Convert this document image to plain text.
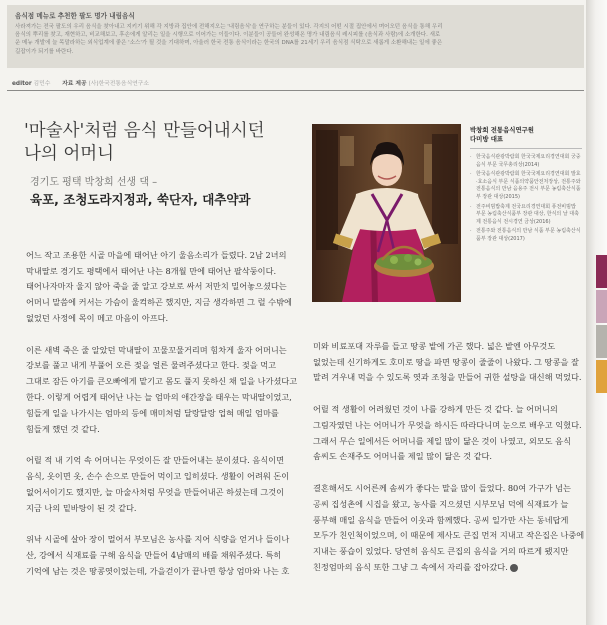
음식점 메뉴로 추천한 팔도 명가 내림음식
사라져가는 전국 팔도의 우리 음식을 찾아내고 지키기 위해 각 지방과 집안에 전해지오는 '내림음식'을 연구하는 분들이 있다. 각지의 어떤 시절 집안에서 며어오던 음식을 통해 우리
음식의 뿌리를 찾고, 재현하고, 비교해보고, 후손에게 알리는 일을 시행으로 이어가는 이들이다. 이분들이 공들어 완성해온 명가 내림음식 레시피를 (음식과 사람)에 소개한다. 새로
운 메뉴 개발에 늘 목말라하는 외식업계에 좋은 '소스'가 될 것을 기대하며, 아울러 한국 전통 음식이라는 한국의 DNA를 21세기 우리 음식점 식탁으로 새롭게 소환해내는 일에 좋은
길잡이가 되기를 바란다.
editor 김민수 자료 제공 (사)한국전통음식연구소
'마술사'처럼 음식 만들어내시던
나의 어머니
경기도 평택 박창희 선생 댁 –
육포, 조청도라지정과, 쑥단자, 대추약과
박창희 전통음식연구원
다미방 대표
· 한국음식관광박람회 한국국제요리경연대회 궁중음식 부문 국무총리상(2014)
· 한국음식관광박람회 한국국제요리경연대회 발효·효소음식 부문 식품의약품안전처장상, 전통주와 전통음식의 만남 음용주 전시 부문 농림축산식품부 장관 대상(2015)
· 전주비빔밥축제 전국요리경연대회 퓨전비빔밥 부문 농림축산식품부 장관 대상, 한식의 날 대축제 전통음식 전시경연 금상(2016)
· 전통주와 전통음식의 만남 식품 부문 농림축산식품부 장관 대상(2017)

어느 작고 조용한 시골 마을에 태어난 아기 울음소리가 들렸다. 2남 2녀의 막내딸로 경기도 평택에서 태어난 나는 8개월 만에 태어난 팔삭둥이다. 태어나자마자 울지 않아 죽을 줄 알고 강보로 싸서 저만치 밀어놓으셨다는 어머니 말씀에 커서는 가슴이 울컥하곤 했지만, 지금 생각하면 그 럴 수밖에 없었던 사정에 목이 메고 마음이 아프다.

이른 새벽 죽은 줄 알았던 막내딸이 꼬물꼬물거리며 힘차게 울자 어머니는 강보를 풀고 내게 부풀어 오른 젖을 얼른 물려주셨다고 한다. 젖을 먹고 그대로 잠든 아기를 큰오빠에게 맡기고 몸도 풀지 못하신 채 일을 나가셨다고 한다. 이렇게 어렵게 태어난 나는 늘 엄마의 애간장을 태우는 막내딸이었고, 힘들게 일을 나가시는 엄마의 등에 매미처럼 달랑달랑 업혀 매일 엄마를 힘들게 했던 것 같다.

어릴 적 내 기억 속 어머니는 무엇이든 잘 만들어내는 분이셨다. 음식이면 음식, 옷이면 옷, 손수 손으로 만들어 먹이고 입히셨다. 생활이 어려워 돈이 없어서이기도 했지만, 늘 마술사처럼 무엇을 만들어내곤 하셨는데 그것이 지금 나의 밑바탕이 된 것 같다.

위낙 시골에 살아 장이 멀어서 부모님은 농사를 지어 식량을 얻거나 들이나 산, 강에서 식재료를 구해 음식을 만들어 4남매의 배를 채워주셨다. 특히 기억에 남는 것은 땅콩엿이었는데, 가을걷이가 끝나면 항상 엄마와 나는 호

미와 비료포대 자루를 들고 땅콩 밭에 가곤 했다. 넓은 밭엔 아무것도 없었는데 신기하게도 호미로 땅을 파면 땅콩이 줄줄이 나왔다. 그 땅콩을 잘 말려 겨우내 먹을 수 있도록 엿과 조청을 만들어 귀한 설탕을 대신해 먹었다.

어릴 적 생활이 어려웠던 것이 나를 강하게 만든 것 같다. 늘 어머니의 그림자였던 나는 어머니가 무엇을 하시든 따라다니며 눈으로 배우고 익혔다. 그래서 무슨 일에서든 어머니를 제일 많이 닮은 것이 나였고, 외모도 음식 솜씨도 손재주도 어머니를 제일 많이 닮은 것 같다.

결혼해서도 시어른께 솜씨가 좋다는 말을 많이 들었다. 80여 가구가 넘는 공씨 집성촌에 시집을 왔고, 농사를 지으셨던 시부모님 덕에 식재료가 늘 풍부해 매일 음식을 만들어 이웃과 함께했다. 공씨 일가만 사는 동네답게 모두가 친인척이었으며, 이 때문에 제사도 큰집 먼저 지내고 작은집은 나중에 지내는 풍습이 있었다. 당연히 음식도 큰집의 음식을 거의 따르게 됐지만 친정엄마의 음식 또한 그냥 그 속에서 자리를 잡아갔다.
